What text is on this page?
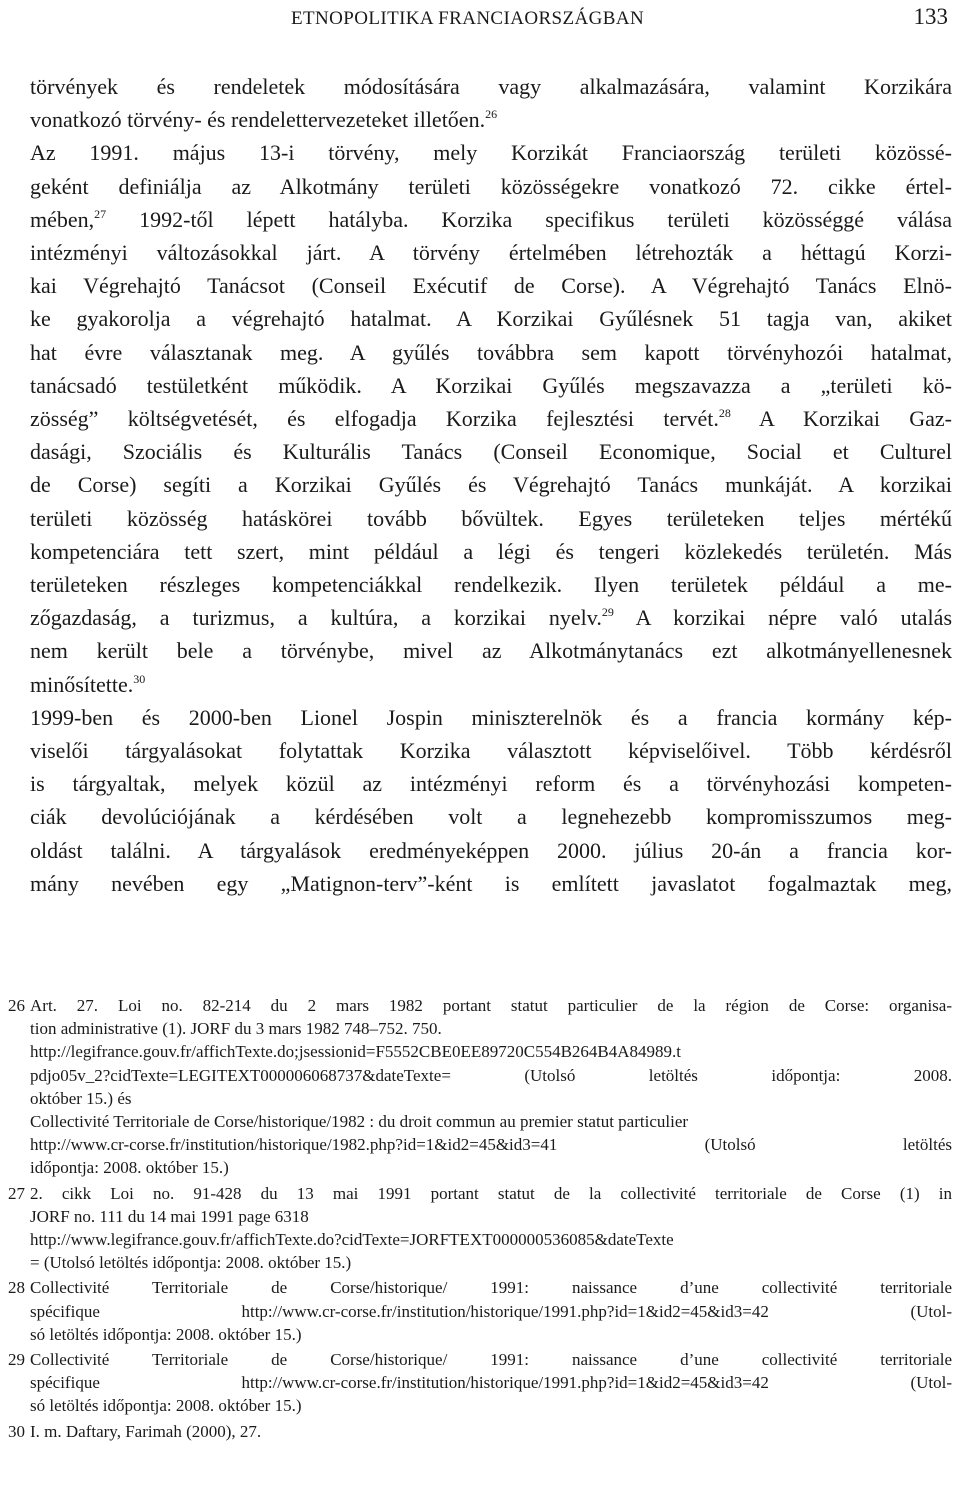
ETNOPOLITIKA FRANCIAORSZÁGBAN	133
törvények és rendeletek módosítására vagy alkalmazására, valamint Korzikára
vonatkozó törvény- és rendelettervezeteket illetően.$^{26}$
Az 1991. május 13-i törvény, mely Korzikát Franciaország területi közössé-
geként definiálja az Alkotmány területi közösségekre vonatkozó 72. cikke értel-
mében,$^{27}$ 1992-től lépett hatályba. Korzika specifikus területi közösséggé válása
intézményi változásokkal járt. A törvény értelmében létrehozták a héttagú Korzi-
kai Végrehajtó Tanácsot (Conseil Exécutif de Corse). A Végrehajtó Tanács Elnö-
ke gyakorolja a végrehajtó hatalmat. A Korzikai Gyűlésnek 51 tagja van, akiket
hat évre választanak meg. A gyűlés továbbra sem kapott törvényhozói hatalmat,
tanácsadó testületként működik. A Korzikai Gyűlés megszavazza a „területi kö-
zösség” költségvetését, és elfogadja Korzika fejlesztési tervét.$^{28}$ A Korzikai Gaz-
dasági, Szociális és Kulturális Tanács (Conseil Economique, Social et Culturel
de Corse) segíti a Korzikai Gyűlés és Végrehajtó Tanács munkáját. A korzikai
területi közösség hatáskörei tovább bővültek. Egyes területeken teljes mértékű
kompetenciára tett szert, mint például a légi és tengeri közlekedés területén. Más
területeken részleges kompetenciákkal rendelkezik. Ilyen területek például a me-
zőgazdaság, a turizmus, a kultúra, a korzikai nyelv.$^{29}$ A korzikai népre való utalás
nem került bele a törvénybe, mivel az Alkotmánytanács ezt alkotmányellenesnek
minősítette.$^{30}$
1999-ben és 2000-ben Lionel Jospin miniszterelnök és a francia kormány kép-
viselői tárgyalásokat folytattak Korzika választott képviselőivel. Több kérdésről
is tárgyaltak, melyek közül az intézményi reform és a törvényhozási kompeten-
ciák devolúciójának a kérdésében volt a legnehezebb kompromisszumos meg-
oldást találni. A tárgyalások eredményeképpen 2000. július 20-án a francia kor-
mány nevében egy „Matignon-terv”-ként is említett javaslatot fogalmaztak meg,
26 Art. 27. Loi no. 82-214 du 2 mars 1982 portant statut particulier de la région de Corse: organisa-
tion administrative (1). JORF du 3 mars 1982 748–752. 750.
http://legifrance.gouv.fr/affichTexte.do;jsessionid=F5552CBE0EE89720C554B264B4A84989.t
pdjo05v_2?cidTexte=LEGITEXT000006068737&dateTexte= (Utolsó letöltés időpontja: 2008.
október 15.) és
Collectivité Territoriale de Corse/historique/1982 : du droit commun au premier statut particulier
http://www.cr-corse.fr/institution/historique/1982.php?id=1&id2=45&id3=41 (Utolsó letöltés
időpontja: 2008. október 15.)
27 2. cikk Loi no. 91-428 du 13 mai 1991 portant statut de la collectivité territoriale de Corse (1) in
JORF no. 111 du 14 mai 1991 page 6318
http://www.legifrance.gouv.fr/affichTexte.do?cidTexte=JORFTEXT000000536085&dateTexte
= (Utolsó letöltés időpontja: 2008. október 15.)
28 Collectivité Territoriale de Corse/historique/ 1991: naissance d’une collectivité territoriale
spécifique http://www.cr-corse.fr/institution/historique/1991.php?id=1&id2=45&id3=42 (Utol-
só letöltés időpontja: 2008. október 15.)
29 Collectivité Territoriale de Corse/historique/ 1991: naissance d’une collectivité territoriale
spécifique http://www.cr-corse.fr/institution/historique/1991.php?id=1&id2=45&id3=42 (Utol-
só letöltés időpontja: 2008. október 15.)
30 I. m. Daftary, Farimah (2000), 27.
